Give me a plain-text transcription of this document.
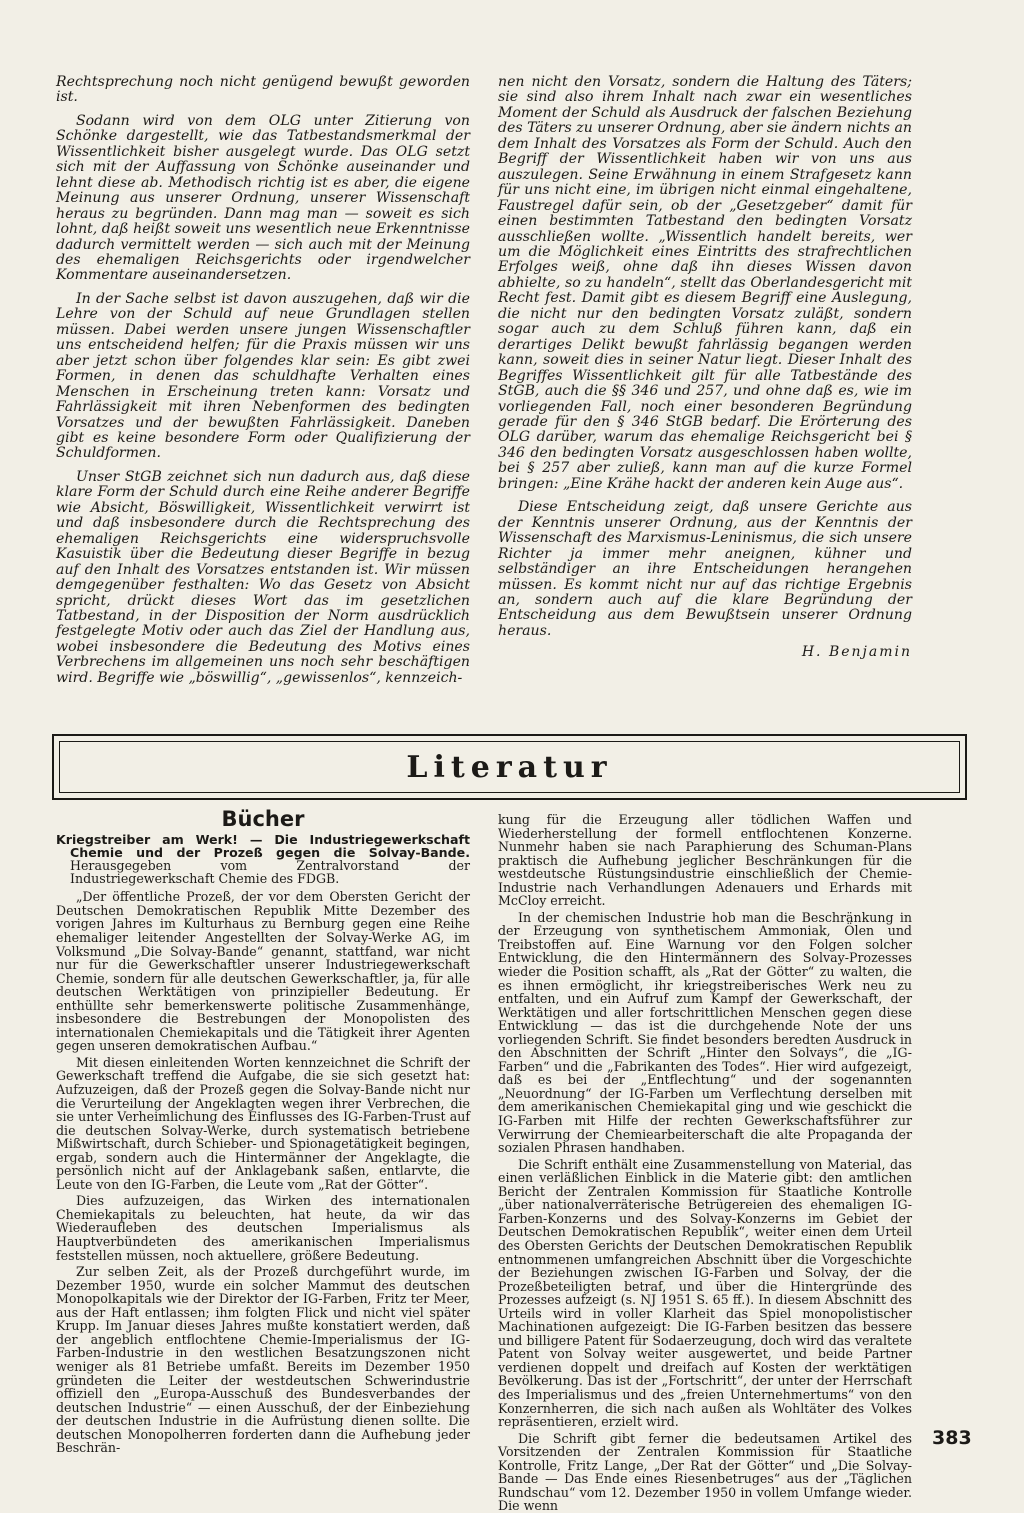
Rechtsprechung noch nicht genügend bewußt geworden ist.

Sodann wird von dem OLG unter Zitierung von Schönke dargestellt, wie das Tatbestandsmerkmal der Wissentlichkeit bisher ausgelegt wurde. Das OLG setzt sich mit der Auffassung von Schönke auseinander und lehnt diese ab. Methodisch richtig ist es aber, die eigene Meinung aus unserer Ordnung, unserer Wissenschaft heraus zu begründen. Dann mag man — soweit es sich lohnt, daß heißt soweit uns wesentlich neue Erkenntnisse dadurch vermittelt werden — sich auch mit der Meinung des ehemaligen Reichsgerichts oder irgendwelcher Kommentare auseinandersetzen.

In der Sache selbst ist davon auszugehen, daß wir die Lehre von der Schuld auf neue Grundlagen stellen müssen. Dabei werden unsere jungen Wissenschaftler uns entscheidend helfen; für die Praxis müssen wir uns aber jetzt schon über folgendes klar sein: Es gibt zwei Formen, in denen das schuldhafte Verhalten eines Menschen in Erscheinung treten kann: Vorsatz und Fahrlässigkeit mit ihren Nebenformen des bedingten Vorsatzes und der bewußten Fahrlässigkeit. Daneben gibt es keine besondere Form oder Qualifizierung der Schuldformen.

Unser StGB zeichnet sich nun dadurch aus, daß diese klare Form der Schuld durch eine Reihe anderer Begriffe wie Absicht, Böswilligkeit, Wissentlichkeit verwirrt ist und daß insbesondere durch die Rechtsprechung des ehemaligen Reichsgerichts eine widerspruchsvolle Kasuistik über die Bedeutung dieser Begriffe in bezug auf den Inhalt des Vorsatzes entstanden ist. Wir müssen demgegenüber festhalten: Wo das Gesetz von Absicht spricht, drückt dieses Wort das im gesetzlichen Tatbestand, in der Disposition der Norm ausdrücklich festgelegte Motiv oder auch das Ziel der Handlung aus, wobei insbesondere die Bedeutung des Motivs eines Verbrechens im allgemeinen uns noch sehr beschäftigen wird. Begriffe wie „böswillig“, „gewissenlos“, kennzeich-

nen nicht den Vorsatz, sondern die Haltung des Täters; sie sind also ihrem Inhalt nach zwar ein wesentliches Moment der Schuld als Ausdruck der falschen Beziehung des Täters zu unserer Ordnung, aber sie ändern nichts an dem Inhalt des Vorsatzes als Form der Schuld. Auch den Begriff der Wissentlichkeit haben wir von uns aus auszulegen. Seine Erwähnung in einem Strafgesetz kann für uns nicht eine, im übrigen nicht einmal eingehaltene, Faustregel dafür sein, ob der „Gesetzgeber“ damit für einen bestimmten Tatbestand den bedingten Vorsatz ausschließen wollte. „Wissentlich handelt bereits, wer um die Möglichkeit eines Eintritts des strafrechtlichen Erfolges weiß, ohne daß ihn dieses Wissen davon abhielte, so zu handeln“, stellt das Oberlandesgericht mit Recht fest. Damit gibt es diesem Begriff eine Auslegung, die nicht nur den bedingten Vorsatz zuläßt, sondern sogar auch zu dem Schluß führen kann, daß ein derartiges Delikt bewußt fahrlässig begangen werden kann, soweit dies in seiner Natur liegt. Dieser Inhalt des Begriffes Wissentlichkeit gilt für alle Tatbestände des StGB, auch die §§ 346 und 257, und ohne daß es, wie im vorliegenden Fall, noch einer besonderen Begründung gerade für den § 346 StGB bedarf. Die Erörterung des OLG darüber, warum das ehemalige Reichsgericht bei § 346 den bedingten Vorsatz ausgeschlossen haben wollte, bei § 257 aber zuließ, kann man auf die kurze Formel bringen: „Eine Krähe hackt der anderen kein Auge aus“.

Diese Entscheidung zeigt, daß unsere Gerichte aus der Kenntnis unserer Ordnung, aus der Kenntnis der Wissenschaft des Marxismus-Leninismus, die sich unsere Richter ja immer mehr aneignen, kühner und selbständiger an ihre Entscheidungen herangehen müssen. Es kommt nicht nur auf das richtige Ergebnis an, sondern auch auf die klare Begründung der Entscheidung aus dem Bewußtsein unserer Ordnung heraus.

H. Benjamin
Literatur
Bücher
Kriegstreiber am Werk! — Die Industriegewerkschaft Chemie und der Prozeß gegen die Solvay-Bande. Herausgegeben vom Zentralvorstand der Industriegewerkschaft Chemie des FDGB.

„Der öffentliche Prozeß, der vor dem Obersten Gericht der Deutschen Demokratischen Republik Mitte Dezember des vorigen Jahres im Kulturhaus zu Bernburg gegen eine Reihe ehemaliger leitender Angestellten der Solvay-Werke AG, im Volksmund „Die Solvay-Bande“ genannt, stattfand, war nicht nur für die Gewerkschaftler unserer Industriegewerkschaft Chemie, sondern für alle deutschen Gewerkschaftler, ja, für alle deutschen Werktätigen von prinzipieller Bedeutung. Er enthüllte sehr bemerkenswerte politische Zusammenhänge, insbesondere die Bestrebungen der Monopolisten des internationalen Chemiekapitals und die Tätigkeit ihrer Agenten gegen unseren demokratischen Aufbau.“

Mit diesen einleitenden Worten kennzeichnet die Schrift der Gewerkschaft treffend die Aufgabe, die sie sich gesetzt hat: Aufzuzeigen, daß der Prozeß gegen die Solvay-Bande nicht nur die Verurteilung der Angeklagten wegen ihrer Verbrechen, die sie unter Verheimlichung des Einflusses des IG-Farben-Trust auf die deutschen Solvay-Werke, durch systematisch betriebene Mißwirtschaft, durch Schieber- und Spionagetätigkeit begingen, ergab, sondern auch die Hintermänner der Angeklagte, die persönlich nicht auf der Anklagebank saßen, entlarvte, die Leute von den IG-Farben, die Leute vom „Rat der Götter“.

Dies aufzuzeigen, das Wirken des internationalen Chemiekapitals zu beleuchten, hat heute, da wir das Wiederaufleben des deutschen Imperialismus als Hauptverbündeten des amerikanischen Imperialismus feststellen müssen, noch aktuellere, größere Bedeutung.

Zur selben Zeit, als der Prozeß durchgeführt wurde, im Dezember 1950, wurde ein solcher Mammut des deutschen Monopolkapitals wie der Direktor der IG-Farben, Fritz ter Meer, aus der Haft entlassen; ihm folgten Flick und nicht viel später Krupp. Im Januar dieses Jahres mußte konstatiert werden, daß der angeblich entflochtene Chemie-Imperialismus der IG-Farben-Industrie in den westlichen Besatzungszonen nicht weniger als 81 Betriebe umfaßt. Bereits im Dezember 1950 gründeten die Leiter der westdeutschen Schwerindustrie offiziell den „Europa-Ausschuß des Bundesverbandes der deutschen Industrie“ — einen Ausschuß, der der Einbeziehung der deutschen Industrie in die Aufrüstung dienen sollte. Die deutschen Monopolherren forderten dann die Aufhebung jeder Beschrän-

kung für die Erzeugung aller tödlichen Waffen und Wiederherstellung der formell entflochtenen Konzerne. Nunmehr haben sie nach Paraphierung des Schuman-Plans praktisch die Aufhebung jeglicher Beschränkungen für die westdeutsche Rüstungsindustrie einschließlich der Chemie-Industrie nach Verhandlungen Adenauers und Erhards mit McCloy erreicht.

In der chemischen Industrie hob man die Beschränkung in der Erzeugung von synthetischem Ammoniak, Ölen und Treibstoffen auf. Eine Warnung vor den Folgen solcher Entwicklung, die den Hintermännern des Solvay-Prozesses wieder die Position schafft, als „Rat der Götter“ zu walten, die es ihnen ermöglicht, ihr kriegstreiberisches Werk neu zu entfalten, und ein Aufruf zum Kampf der Gewerkschaft, der Werktätigen und aller fortschrittlichen Menschen gegen diese Entwicklung — das ist die durchgehende Note der uns vorliegenden Schrift. Sie findet besonders beredten Ausdruck in den Abschnitten der Schrift „Hinter den Solvays“, die „IG-Farben“ und die „Fabrikanten des Todes“. Hier wird aufgezeigt, daß es bei der „Entflechtung“ und der sogenannten „Neuordnung“ der IG-Farben um Verflechtung derselben mit dem amerikanischen Chemiekapital ging und wie geschickt die IG-Farben mit Hilfe der rechten Gewerkschaftsführer zur Verwirrung der Chemiearbeiterschaft die alte Propaganda der sozialen Phrasen handhaben.

Die Schrift enthält eine Zusammenstellung von Material, das einen verläßlichen Einblick in die Materie gibt: den amtlichen Bericht der Zentralen Kommission für Staatliche Kontrolle „über nationalverräterische Betrügereien des ehemaligen IG-Farben-Konzerns und des Solvay-Konzerns im Gebiet der Deutschen Demokratischen Republik“, weiter einen dem Urteil des Obersten Gerichts der Deutschen Demokratischen Republik entnommenen umfangreichen Abschnitt über die Vorgeschichte der Beziehungen zwischen IG-Farben und Solvay, der die Prozeßbeteiligten betraf, und über die Hintergründe des Prozesses aufzeigt (s. NJ 1951 S. 65 ff.). In diesem Abschnitt des Urteils wird in voller Klarheit das Spiel monopolistischer Machinationen aufgezeigt: Die IG-Farben besitzen das bessere und billigere Patent für Sodaerzeugung, doch wird das veraltete Patent von Solvay weiter ausgewertet, und beide Partner verdienen doppelt und dreifach auf Kosten der werktätigen Bevölkerung. Das ist der „Fortschritt“, der unter der Herrschaft des Imperialismus und des „freien Unternehmertums“ von den Konzernherren, die sich nach außen als Wohltäter des Volkes repräsentieren, erzielt wird.

Die Schrift gibt ferner die bedeutsamen Artikel des Vorsitzenden der Zentralen Kommission für Staatliche Kontrolle, Fritz Lange, „Der Rat der Götter“ und „Die Solvay-Bande — Das Ende eines Riesenbetruges“ aus der „Täglichen Rundschau“ vom 12. Dezember 1950 in vollem Umfange wieder. Die wenn

383
